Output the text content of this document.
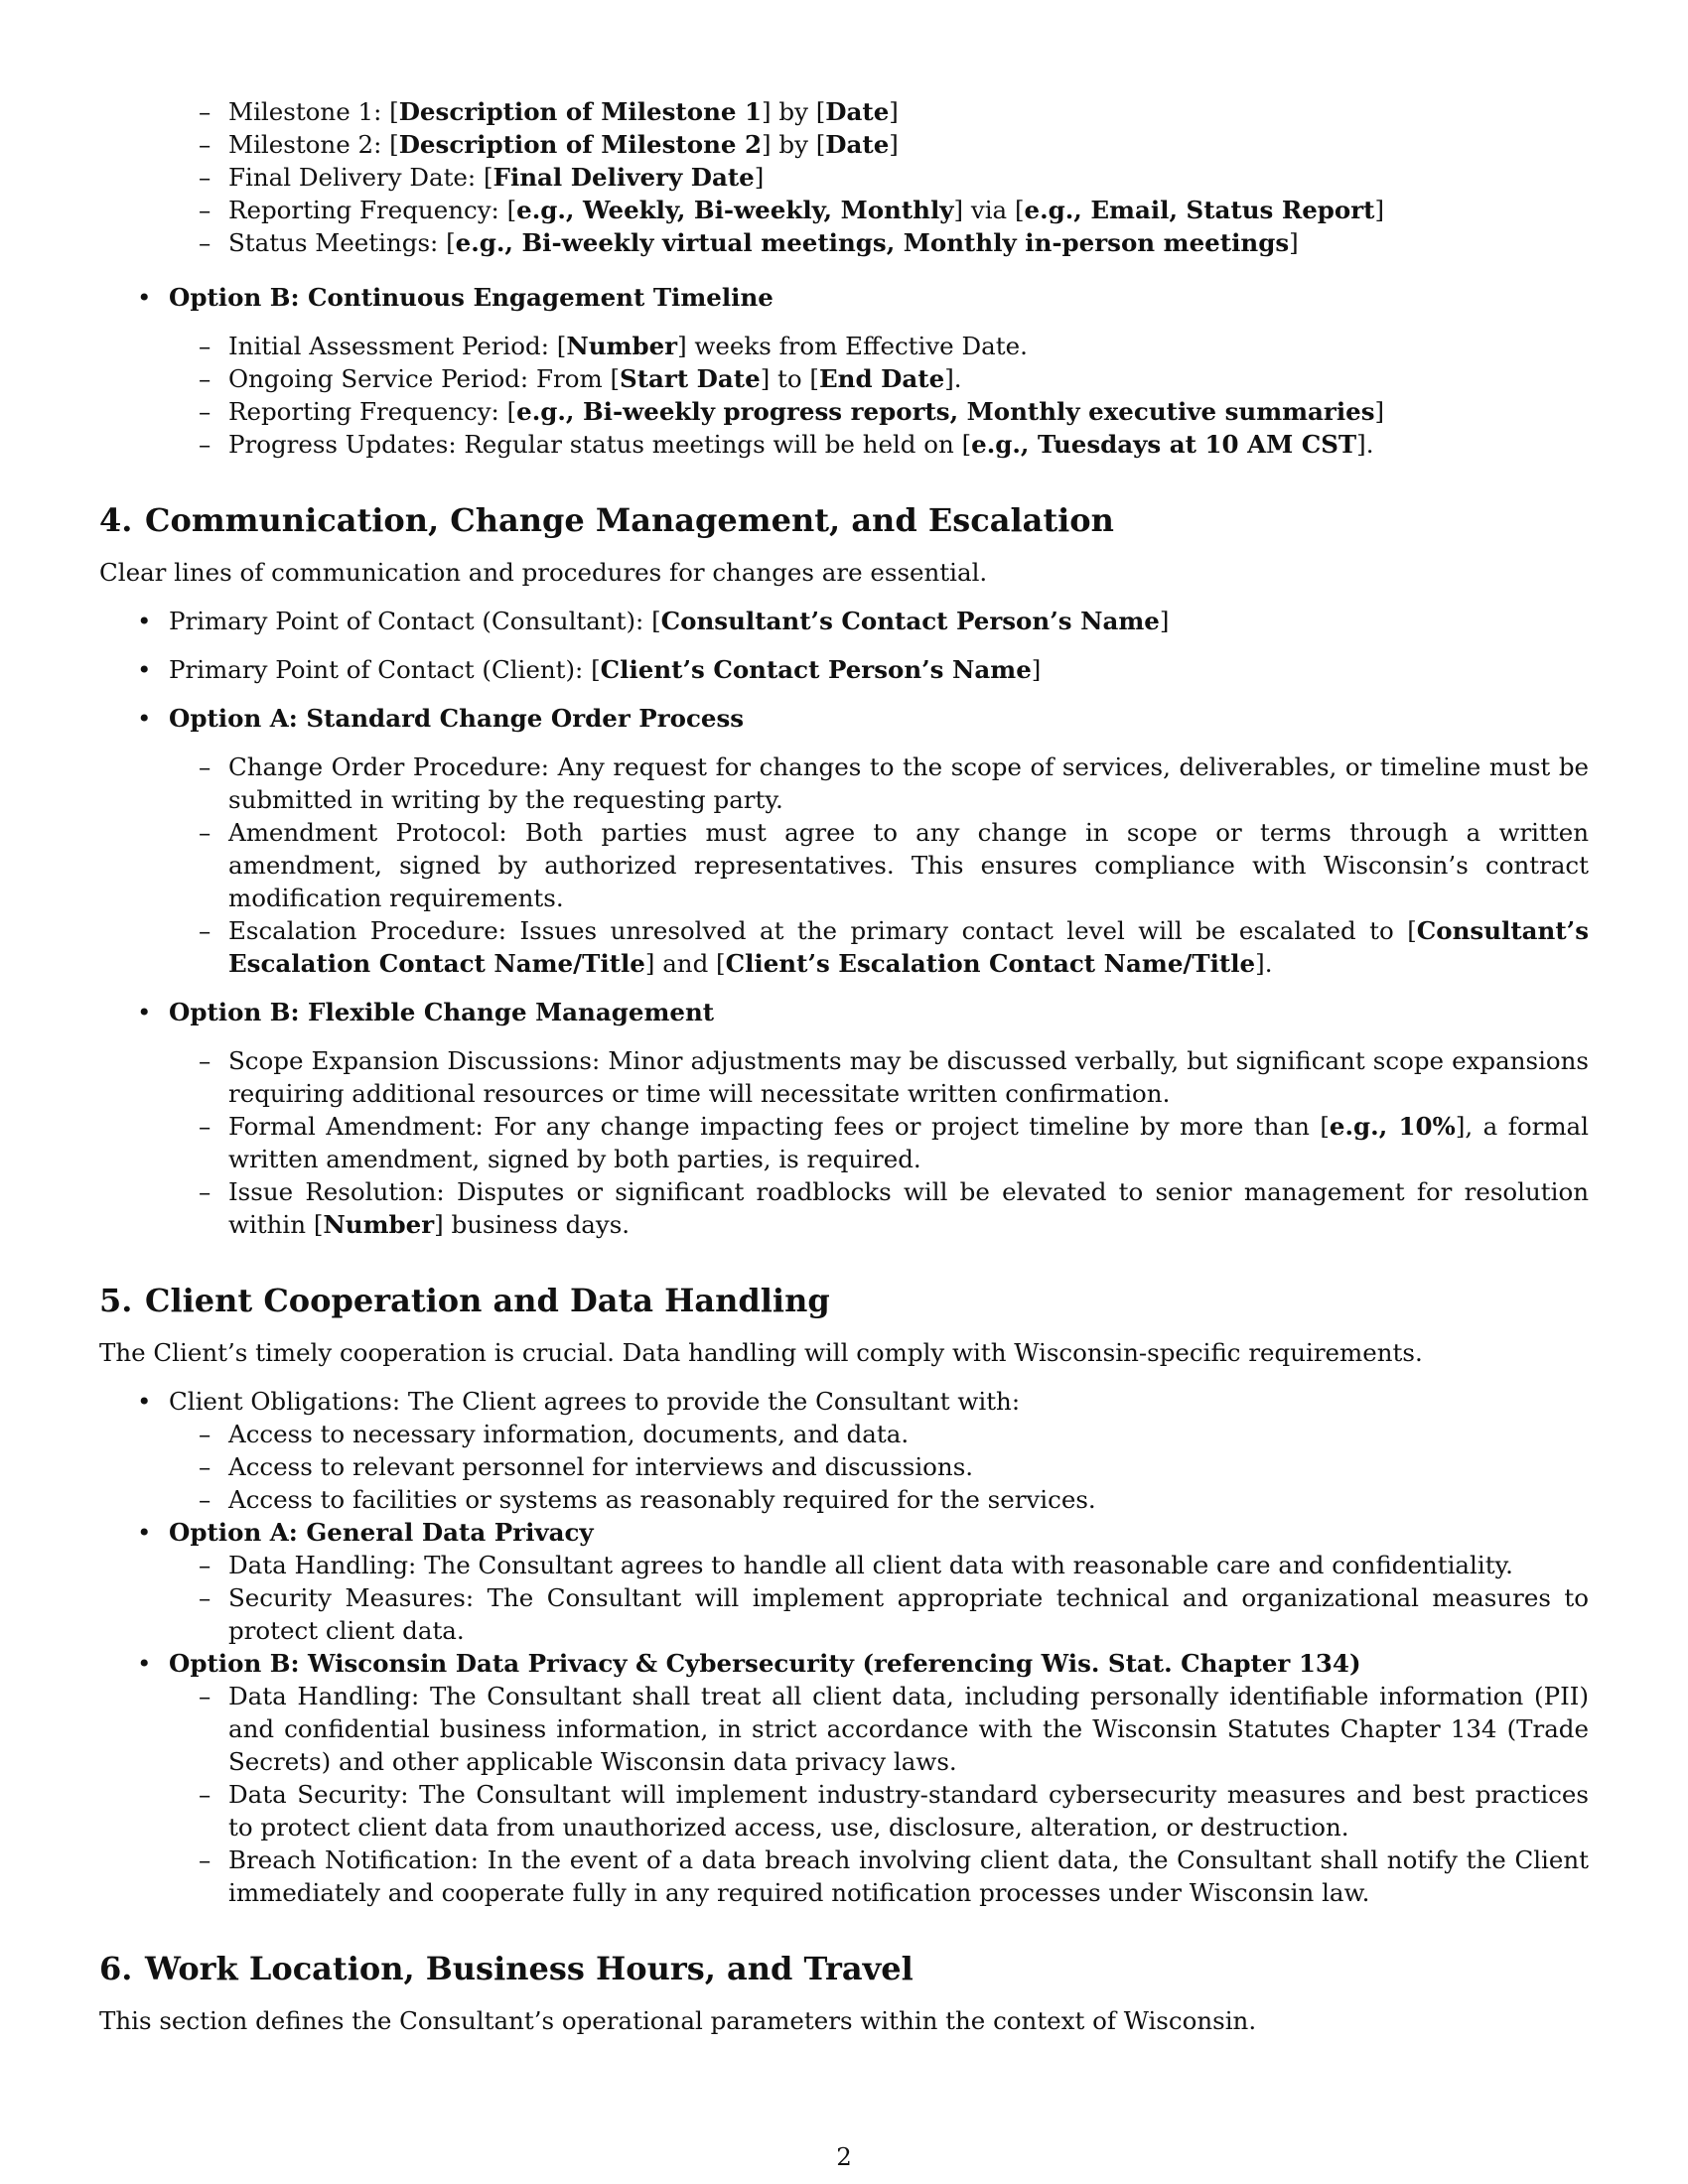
– Milestone 1: [Description of Milestone 1] by [Date]
– Milestone 2: [Description of Milestone 2] by [Date]
– Final Delivery Date: [Final Delivery Date]
– Reporting Frequency: [e.g., Weekly, Bi-weekly, Monthly] via [e.g., Email, Status Report]
– Status Meetings: [e.g., Bi-weekly virtual meetings, Monthly in-person meetings]
• Option B: Continuous Engagement Timeline
– Initial Assessment Period: [Number] weeks from Effective Date.
– Ongoing Service Period: From [Start Date] to [End Date].
– Reporting Frequency: [e.g., Bi-weekly progress reports, Monthly executive summaries]
– Progress Updates: Regular status meetings will be held on [e.g., Tuesdays at 10 AM CST].
4. Communication, Change Management, and Escalation
Clear lines of communication and procedures for changes are essential.
• Primary Point of Contact (Consultant): [Consultant’s Contact Person’s Name]
• Primary Point of Contact (Client): [Client’s Contact Person’s Name]
• Option A: Standard Change Order Process
– Change Order Procedure: Any request for changes to the scope of services, deliverables, or timeline must be submitted in writing by the requesting party.
– Amendment Protocol: Both parties must agree to any change in scope or terms through a written amendment, signed by authorized representatives. This ensures compliance with Wisconsin’s contract modification requirements.
– Escalation Procedure: Issues unresolved at the primary contact level will be escalated to [Consultant’s Escalation Contact Name/Title] and [Client’s Escalation Contact Name/Title].
• Option B: Flexible Change Management
– Scope Expansion Discussions: Minor adjustments may be discussed verbally, but significant scope expansions requiring additional resources or time will necessitate written confirmation.
– Formal Amendment: For any change impacting fees or project timeline by more than [e.g., 10%], a formal written amendment, signed by both parties, is required.
– Issue Resolution: Disputes or significant roadblocks will be elevated to senior management for resolution within [Number] business days.
5. Client Cooperation and Data Handling
The Client’s timely cooperation is crucial. Data handling will comply with Wisconsin-specific requirements.
• Client Obligations: The Client agrees to provide the Consultant with:
– Access to necessary information, documents, and data.
– Access to relevant personnel for interviews and discussions.
– Access to facilities or systems as reasonably required for the services.
• Option A: General Data Privacy
– Data Handling: The Consultant agrees to handle all client data with reasonable care and confidentiality.
– Security Measures: The Consultant will implement appropriate technical and organizational measures to protect client data.
• Option B: Wisconsin Data Privacy & Cybersecurity (referencing Wis. Stat. Chapter 134)
– Data Handling: The Consultant shall treat all client data, including personally identifiable information (PII) and confidential business information, in strict accordance with the Wisconsin Statutes Chapter 134 (Trade Secrets) and other applicable Wisconsin data privacy laws.
– Data Security: The Consultant will implement industry-standard cybersecurity measures and best practices to protect client data from unauthorized access, use, disclosure, alteration, or destruction.
– Breach Notification: In the event of a data breach involving client data, the Consultant shall notify the Client immediately and cooperate fully in any required notification processes under Wisconsin law.
6. Work Location, Business Hours, and Travel
This section defines the Consultant’s operational parameters within the context of Wisconsin.
2
